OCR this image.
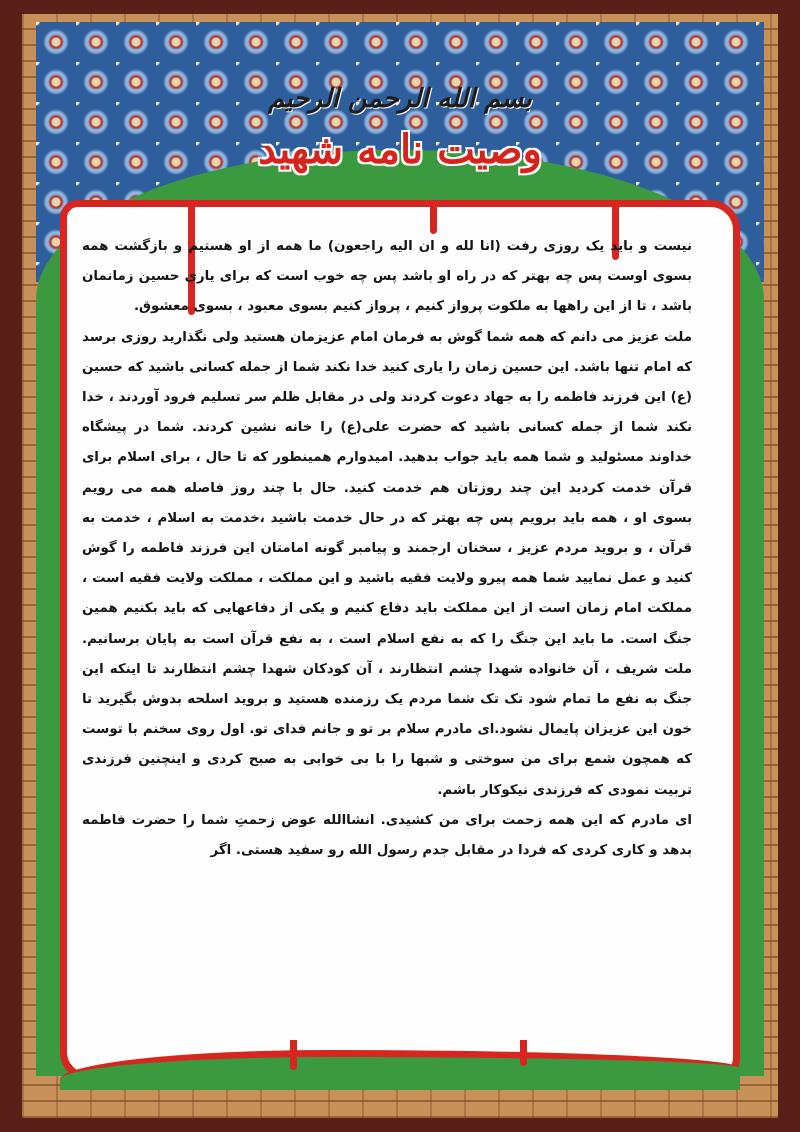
بسم الله الرحمن الرحيم
وصیت نامه شهید

نیست و باید یک روزی رفت (انا لله و ان الیه راجعون) ما همه از او هستیم و بازگشت همه بسوی اوست پس چه بهتر که در راه او باشد پس چه خوب است که برای یاری حسین زمانمان باشد ، تا از این راهها به ملکوت پرواز کنیم ، پرواز کنیم بسوی معبود ، بسوی معشوق.

ملت عزیز می دانم که همه شما گوش به فرمان امام عزیزمان هستید ولی نگذارید روزی برسد که امام تنها باشد. این حسین زمان را یاری کنید خدا نکند شما از جمله کسانی باشید که حسین (ع) این فرزند فاطمه را به جهاد دعوت کردند ولی در مقابل ظلم سر تسلیم فرود آوردند ، خدا نکند شما از جمله کسانی باشید که حضرت علی(ع) را خانه نشین کردند. شما در پیشگاه خداوند مسئولید و شما همه باید جواب بدهید. امیدوارم همینطور که تا حال ، برای اسلام برای قرآن خدمت کردید این چند روزتان هم خدمت کنید. حال با چند روز فاصله همه می رویم بسوی او ، همه باید برویم پس چه بهتر که در حال خدمت باشید ،خدمت به اسلام ، خدمت به قرآن ، و بروید مردم عزیز ، سخنان ارجمند و پیامبر گونه امامتان این فرزند فاطمه را گوش کنید و عمل نمایید شما همه پیرو ولایت فقیه باشید و این مملکت ، مملکت ولایت فقیه است ، مملکت امام زمان است از این مملکت باید دفاع کنیم و یکی از دفاعهایی که باید بکنیم همین جنگ است. ما باید این جنگ را که به نفع اسلام است ، به نفع قرآن است به پایان برسانیم. ملت شریف ، آن خانواده شهدا چشم انتظارند ، آن کودکان شهدا چشم انتظارند تا اینکه این جنگ به نفع ما تمام شود تک تک شما مردم یک رزمنده هستید و بروید اسلحه بدوش بگیرید تا خون این عزیزان پایمال نشود.ای مادرم سلام بر تو و جانم فدای تو. اول روی سخنم با توست که همچون شمع برای من سوختی و شبها را با بی خوابی به صبح کردی و اینچنین فرزندی تربیت نمودی که فرزندی نیکوکار باشم.

ای مادرم که این همه زحمت برای من کشیدی. انشاالله عوض زحمتِ شما را حضرت فاطمه بدهد و کاری کردی که فردا در مقابل جدم رسول الله رو سفید هستی. اگر
